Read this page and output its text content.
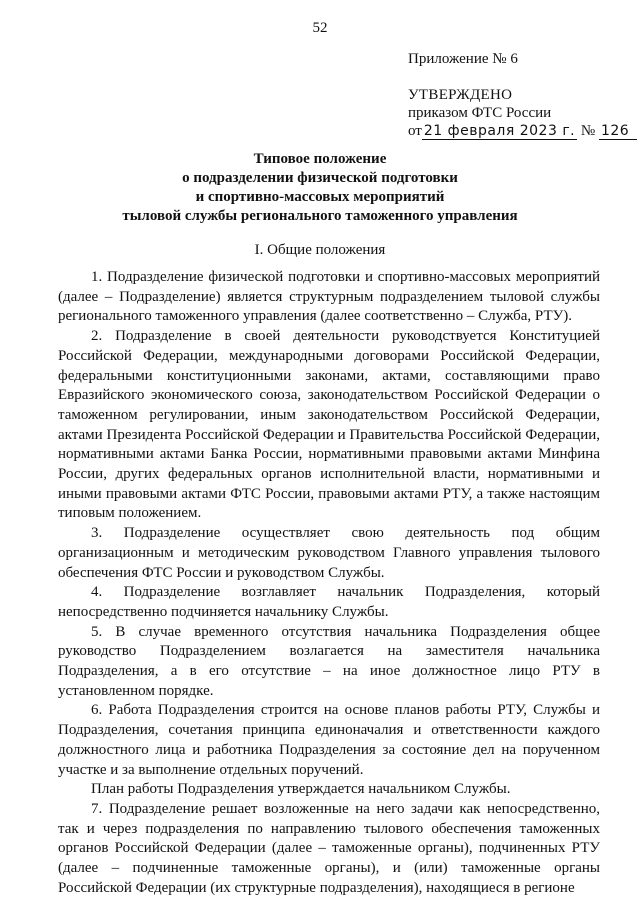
52
Приложение № 6
УТВЕРЖДЕНО
приказом ФТС России
от 21 февраля 2023 г. № 126
Типовое положение
о подразделении физической подготовки
и спортивно-массовых мероприятий
тыловой службы регионального таможенного управления
I. Общие положения

1. Подразделение физической подготовки и спортивно-массовых мероприятий (далее – Подразделение) является структурным подразделением тыловой службы регионального таможенного управления (далее соответственно – Служба, РТУ).

2. Подразделение в своей деятельности руководствуется Конституцией Российской Федерации, международными договорами Российской Федерации, федеральными конституционными законами, актами, составляющими право Евразийского экономического союза, законодательством Российской Федерации о таможенном регулировании, иным законодательством Российской Федерации, актами Президента Российской Федерации и Правительства Российской Федерации, нормативными актами Банка России, нормативными правовыми актами Минфина России, других федеральных органов исполнительной власти, нормативными и иными правовыми актами ФТС России, правовыми актами РТУ, а также настоящим типовым положением.

3. Подразделение осуществляет свою деятельность под общим организационным и методическим руководством Главного управления тылового обеспечения ФТС России и руководством Службы.

4. Подразделение возглавляет начальник Подразделения, который непосредственно подчиняется начальнику Службы.

5. В случае временного отсутствия начальника Подразделения общее руководство Подразделением возлагается на заместителя начальника Подразделения, а в его отсутствие – на иное должностное лицо РТУ в установленном порядке.

6. Работа Подразделения строится на основе планов работы РТУ, Службы и Подразделения, сочетания принципа единоначалия и ответственности каждого должностного лица и работника Подразделения за состояние дел на порученном участке и за выполнение отдельных поручений.

План работы Подразделения утверждается начальником Службы.

7. Подразделение решает возложенные на него задачи как непосредственно, так и через подразделения по направлению тылового обеспечения таможенных органов Российской Федерации (далее – таможенные органы), подчиненных РТУ (далее – подчиненные таможенные органы), и (или) таможенные органы Российской Федерации (их структурные подразделения), находящиеся в регионе
